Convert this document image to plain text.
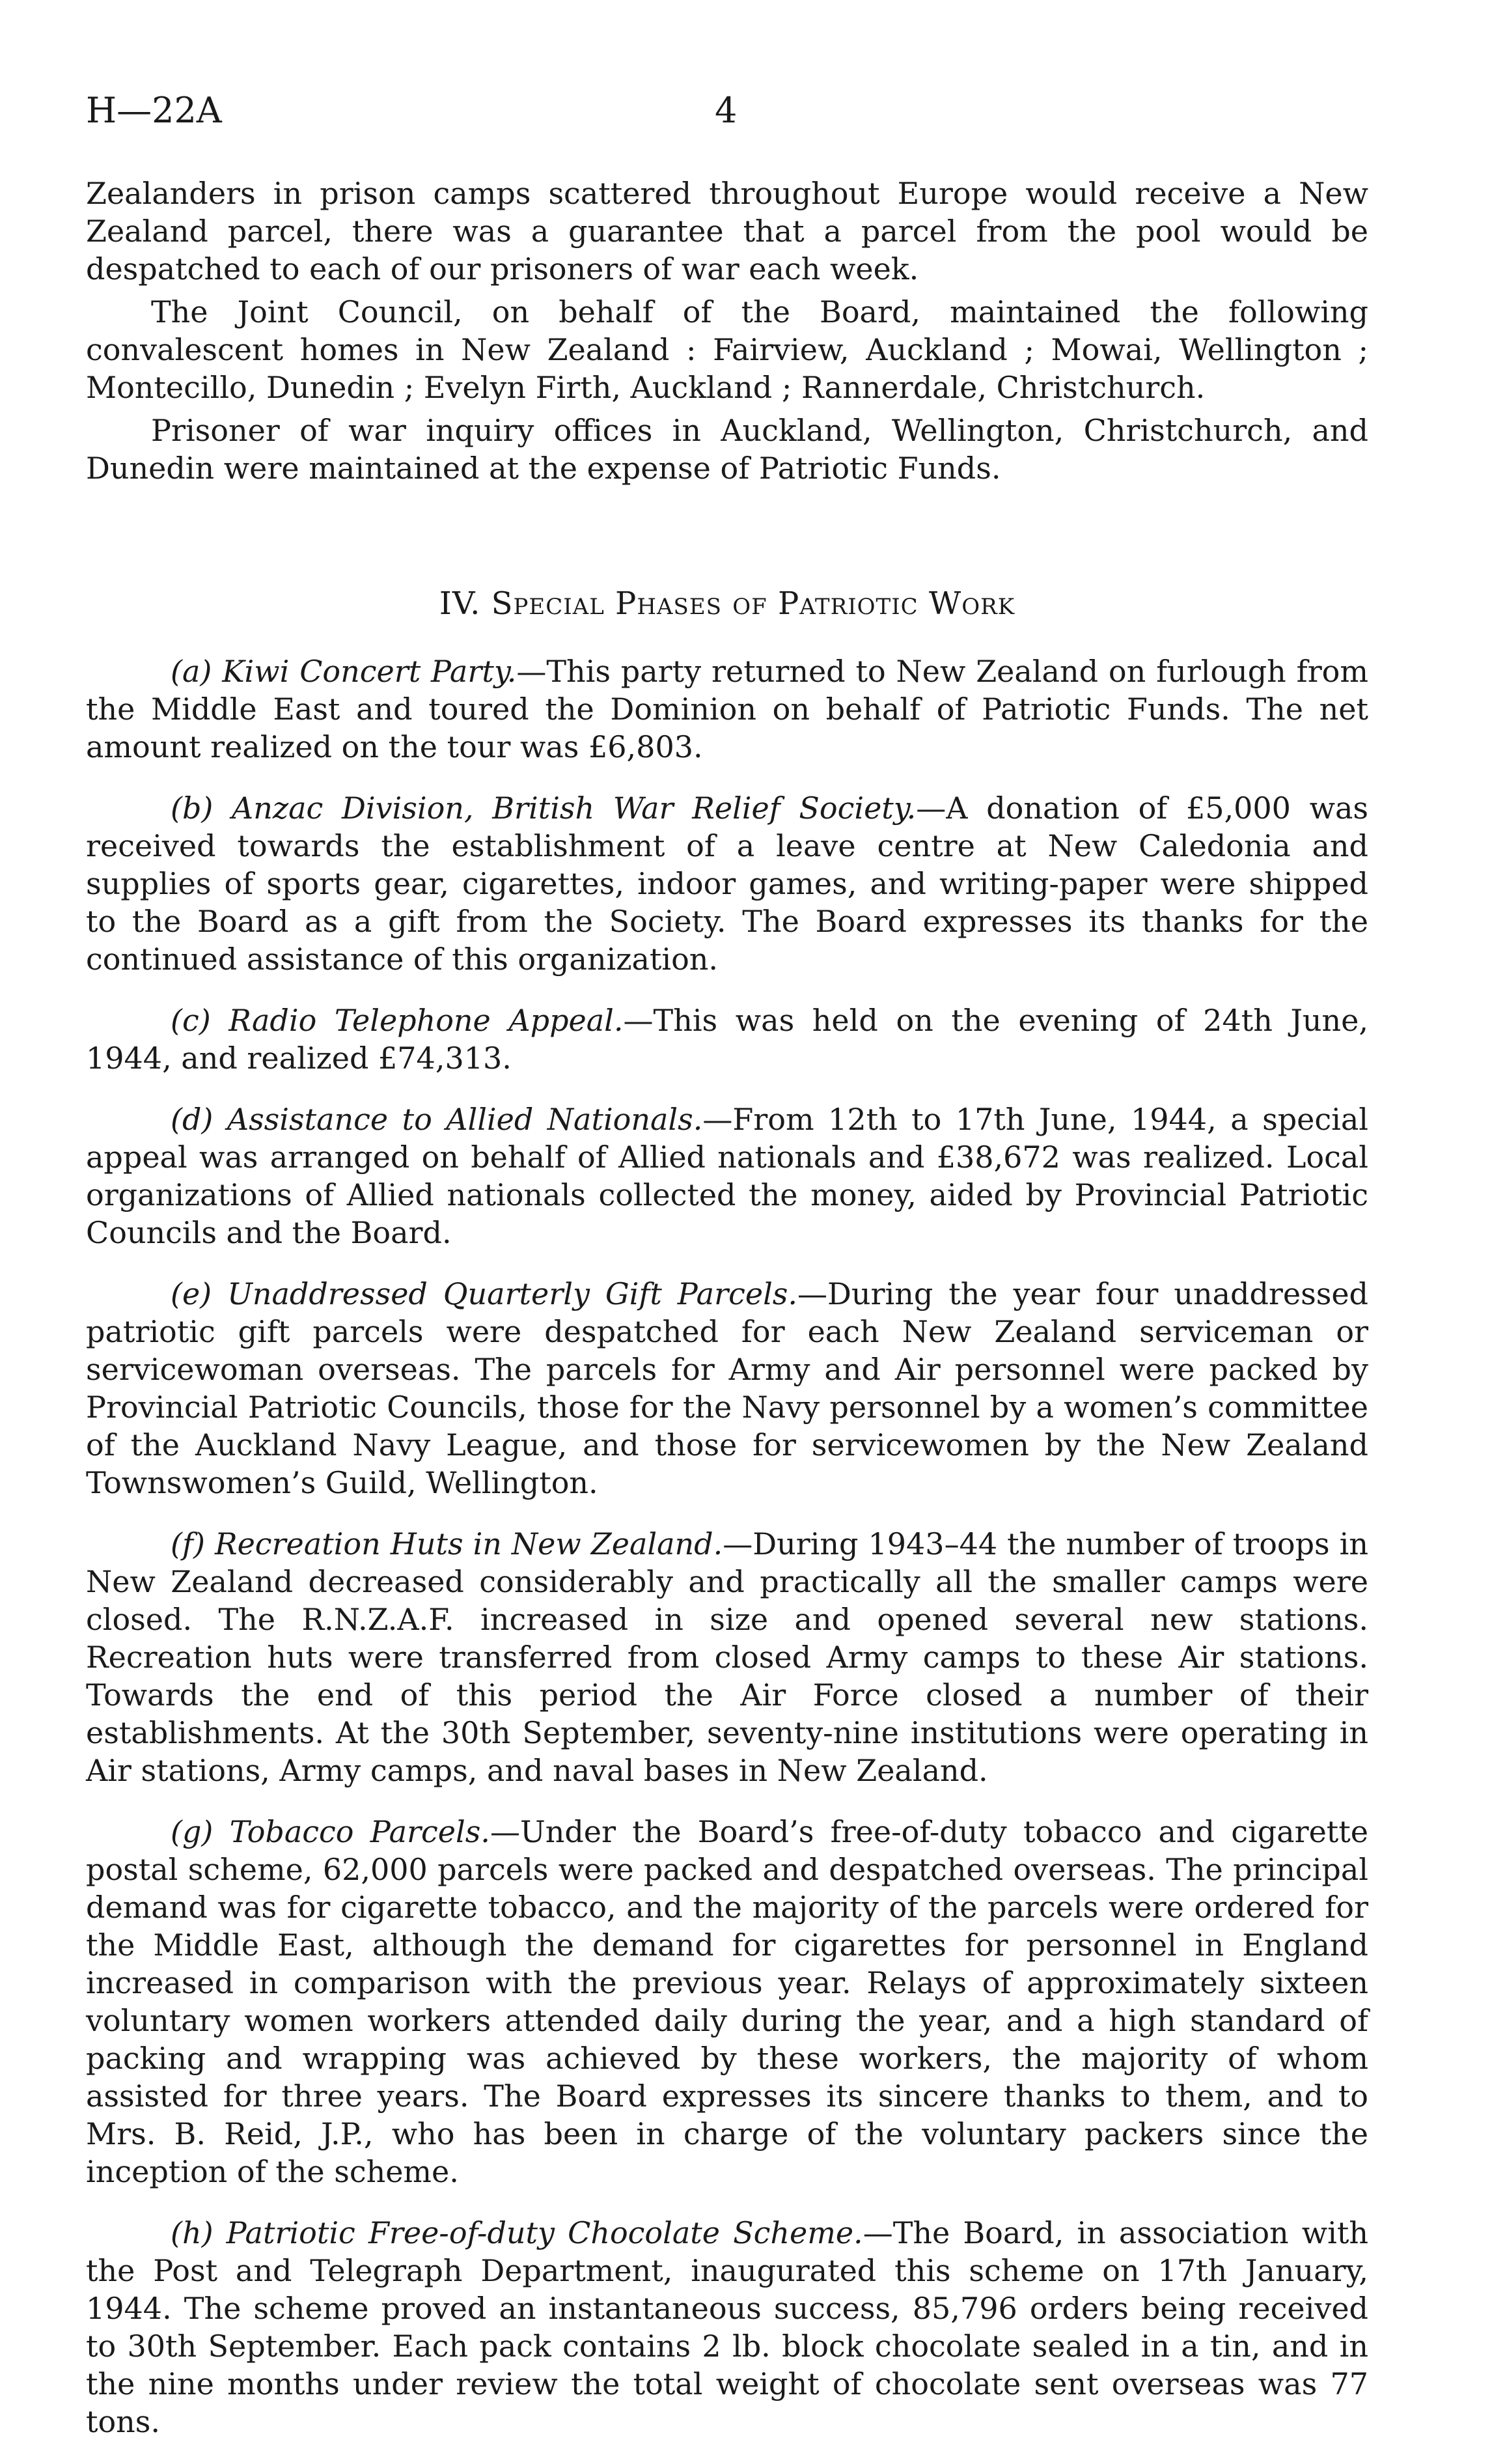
H—22A	4

Zealanders in prison camps scattered throughout Europe would receive a New Zealand parcel, there was a guarantee that a parcel from the pool would be despatched to each of our prisoners of war each week.

The Joint Council, on behalf of the Board, maintained the following convalescent homes in New Zealand : Fairview, Auckland ; Mowai, Wellington ; Montecillo, Dunedin ; Evelyn Firth, Auckland ; Rannerdale, Christchurch.

Prisoner of war inquiry offices in Auckland, Wellington, Christchurch, and Dunedin were maintained at the expense of Patriotic Funds.

IV. Special Phases of Patriotic Work

(a) Kiwi Concert Party.—This party returned to New Zealand on furlough from the Middle East and toured the Dominion on behalf of Patriotic Funds. The net amount realized on the tour was £6,803.

(b) Anzac Division, British War Relief Society.—A donation of £5,000 was received towards the establishment of a leave centre at New Caledonia and supplies of sports gear, cigarettes, indoor games, and writing-paper were shipped to the Board as a gift from the Society. The Board expresses its thanks for the continued assistance of this organization.

(c) Radio Telephone Appeal.—This was held on the evening of 24th June, 1944, and realized £74,313.

(d) Assistance to Allied Nationals.—From 12th to 17th June, 1944, a special appeal was arranged on behalf of Allied nationals and £38,672 was realized. Local organizations of Allied nationals collected the money, aided by Provincial Patriotic Councils and the Board.

(e) Unaddressed Quarterly Gift Parcels.—During the year four unaddressed patriotic gift parcels were despatched for each New Zealand serviceman or servicewoman overseas. The parcels for Army and Air personnel were packed by Provincial Patriotic Councils, those for the Navy personnel by a women’s committee of the Auckland Navy League, and those for servicewomen by the New Zealand Townswomen’s Guild, Wellington.

(f) Recreation Huts in New Zealand.—During 1943–44 the number of troops in New Zealand decreased considerably and practically all the smaller camps were closed. The R.N.Z.A.F. increased in size and opened several new stations. Recreation huts were transferred from closed Army camps to these Air stations. Towards the end of this period the Air Force closed a number of their establishments. At the 30th September, seventy-nine institutions were operating in Air stations, Army camps, and naval bases in New Zealand.

(g) Tobacco Parcels.—Under the Board’s free-of-duty tobacco and cigarette postal scheme, 62,000 parcels were packed and despatched overseas. The principal demand was for cigarette tobacco, and the majority of the parcels were ordered for the Middle East, although the demand for cigarettes for personnel in England increased in comparison with the previous year. Relays of approximately sixteen voluntary women workers attended daily during the year, and a high standard of packing and wrapping was achieved by these workers, the majority of whom assisted for three years. The Board expresses its sincere thanks to them, and to Mrs. B. Reid, J.P., who has been in charge of the voluntary packers since the inception of the scheme.

(h) Patriotic Free-of-duty Chocolate Scheme.—The Board, in association with the Post and Telegraph Department, inaugurated this scheme on 17th January, 1944. The scheme proved an instantaneous success, 85,796 orders being received to 30th September. Each pack contains 2 lb. block chocolate sealed in a tin, and in the nine months under review the total weight of chocolate sent overseas was 77 tons.
